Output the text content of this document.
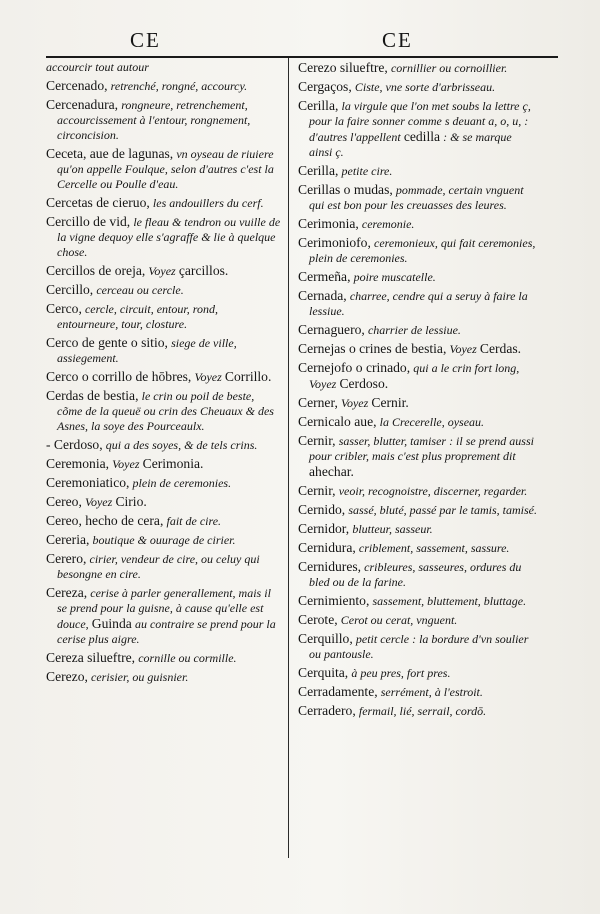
CE	CE
accourcir tout autour
Cercenado, retrenché, rongné, accourcy.
Cercenadura, rongneure, retrenchement, accourcissement à l'entour, rongnement, circoncision.
Ceceta, aue de lagunas, vn oyseau de riuiere qu'on appelle Foulque, selon d'autres c'est la Cercelle ou Poulle d'eau.
Cercetas de cieruo, les andouillers du cerf.
Cercillo de vid, le fleau & tendron ou vuille de la vigne dequoy elle s'agraffe & lie à quelque chose.
Cercillos de oreja, Voyez çarcillos.
Cercillo, cerceau ou cercle.
Cerco, cercle, circuit, entour, rond, entourneure, tour, closture.
Cerco de gente o sitio, siege de ville, assiegement.
Cerco o corrillo de hōbres, Voyez Corrillo.
Cerdas de bestia, le crin ou poil de beste, cõme de la queuë ou crin des Cheuaux & des Asnes, la soye des Pourceaulx.
- Cerdoso, qui a des soyes, & de tels crins.
Ceremonia, Voyez Cerimonia.
Ceremoniatico, plein de ceremonies.
Cereo, Voyez Cirio.
Cereo, hecho de cera, fait de cire.
Cereria, boutique & ouurage de cirier.
Cerero, cirier, vendeur de cire, ou celuy qui besongne en cire.
Cereza, cerise à parler generallement, mais il se prend pour la guisne, à cause qu'elle est douce, Guinda au contraire se prend pour la cerise plus aigre.
Cereza silueftre, cornille ou cormille.
Cerezo, cerisier, ou guisnier.
Cerezo silueftre, cornillier ou cornoillier.
Cergaços, Ciste, vne sorte d'arbrisseau.
Cerilla, la virgule que l'on met soubs la lettre ç, pour la faire sonner comme s deuant a, o, u, : d'autres l'appellent cedilla : & se marque ainsi ç.
Cerilla, petite cire.
Cerillas o mudas, pommade, certain vnguent qui est bon pour les creuasses des leures.
Cerimonia, ceremonie.
Cerimoniofo, ceremonieux, qui fait ceremonies, plein de ceremonies.
Cermeña, poire muscatelle.
Cernada, charree, cendre qui a seruy à faire la lessiue.
Cernaguero, charrier de lessiue.
Cernejas o crines de bestia, Voyez Cerdas.
Cernejofo o crinado, qui a le crin fort long, Voyez Cerdoso.
Cerner, Voyez Cernir.
Cernicalo aue, la Crecerelle, oyseau.
Cernir, sasser, blutter, tamiser : il se prend aussi pour cribler, mais c'est plus proprement dit ahechar.
Cernir, veoir, recognoistre, discerner, regarder.
Cernido, sassé, bluté, passé par le tamis, tamisé.
Cernidor, blutteur, sasseur.
Cernidura, criblement, sassement, sassure.
Cernidures, cribleures, sasseures, ordures du bled ou de la farine.
Cernimiento, sassement, bluttement, bluttage.
Cerote, Cerot ou cerat, vnguent.
Cerquillo, petit cercle : la bordure d'vn soulier ou pantousle.
Cerquita, à peu pres, fort pres.
Cerradamente, serrément, à l'estroit.
Cerradero, fermail, lié, serrail, cordō.
